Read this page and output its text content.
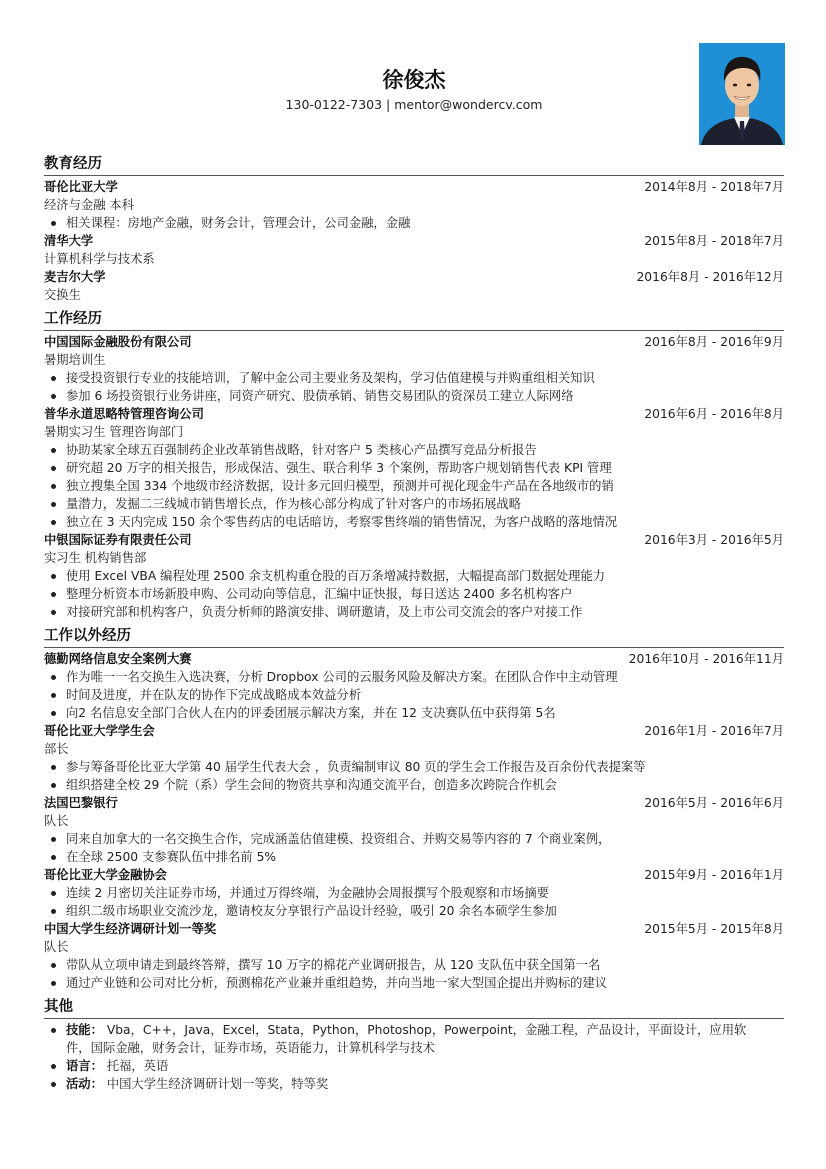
徐俊杰
130-0122-7303 | mentor@wondercv.com
教育经历
哥伦比亚大学	2014年8月 - 2018年7月
经济与金融 本科
相关课程：房地产金融，财务会计，管理会计，公司金融，金融
清华大学	2015年8月 - 2018年7月
计算机科学与技术系
麦吉尔大学	2016年8月 - 2016年12月
交换生
工作经历
中国国际金融股份有限公司	2016年8月 - 2016年9月
暑期培训生
接受投资银行专业的技能培训，了解中金公司主要业务及架构，学习估值建模与并购重组相关知识
参加 6 场投资银行业务讲座，同资产研究、股债承销、销售交易团队的资深员工建立人际网络
普华永道思略特管理咨询公司	2016年6月 - 2016年8月
暑期实习生 管理咨询部门
协助某家全球五百强制药企业改革销售战略，针对客户 5 类核心产品撰写竞品分析报告
研究超 20 万字的相关报告，形成保洁、强生、联合利华 3 个案例，帮助客户规划销售代表 KPI 管理
独立搜集全国 334 个地级市经济数据，设计多元回归模型，预测并可视化现金牛产品在各地级市的销
量潜力，发掘二三线城市销售增长点，作为核心部分构成了针对客户的市场拓展战略
独立在 3 天内完成 150 余个零售药店的电话暗访，考察零售终端的销售情况，为客户战略的落地情况
中银国际证券有限责任公司	2016年3月 - 2016年5月
实习生 机构销售部
使用 Excel VBA 编程处理 2500 余支机构重仓股的百万条增减持数据，大幅提高部门数据处理能力
整理分析资本市场新股申购、公司动向等信息，汇编中证快报，每日送达 2400 多名机构客户
对接研究部和机构客户，负责分析师的路演安排、调研邀请，及上市公司交流会的客户对接工作
工作以外经历
德勤网络信息安全案例大赛	2016年10月 - 2016年11月
作为唯一一名交换生入选决赛，分析 Dropbox 公司的云服务风险及解决方案。在团队合作中主动管理
时间及进度，并在队友的协作下完成战略成本效益分析
向2 名信息安全部门合伙人在内的评委团展示解决方案，并在 12 支决赛队伍中获得第 5名
哥伦比亚大学学生会	2016年1月 - 2016年7月
部长
参与筹备哥伦比亚大学第 40 届学生代表大会 ，负责编制审议 80 页的学生会工作报告及百余份代表提案等
组织搭建全校 29 个院（系）学生会间的物资共享和沟通交流平台，创造多次跨院合作机会
法国巴黎银行	2016年5月 - 2016年6月
队长
同来自加拿大的一名交换生合作，完成涵盖估值建模、投资组合、并购交易等内容的 7 个商业案例，
在全球 2500 支参赛队伍中排名前 5%
哥伦比亚大学金融协会	2015年9月 - 2016年1月
连续 2 月密切关注证券市场，并通过万得终端，为金融协会周报撰写个股观察和市场摘要
组织二级市场职业交流沙龙，邀请校友分享银行产品设计经验，吸引 20 余名本硕学生参加
中国大学生经济调研计划一等奖	2015年5月 - 2015年8月
队长
带队从立项申请走到最终答辩，撰写 10 万字的棉花产业调研报告，从 120 支队伍中获全国第一名
通过产业链和公司对比分析，预测棉花产业兼并重组趋势，并向当地一家大型国企提出并购标的建议
其他
技能： Vba，C++，Java，Excel，Stata，Python，Photoshop，Powerpoint，金融工程，产品设计，平面设计，应用软
件，国际金融，财务会计，证券市场，英语能力，计算机科学与技术
语言： 托福，英语
活动： 中国大学生经济调研计划一等奖，特等奖
